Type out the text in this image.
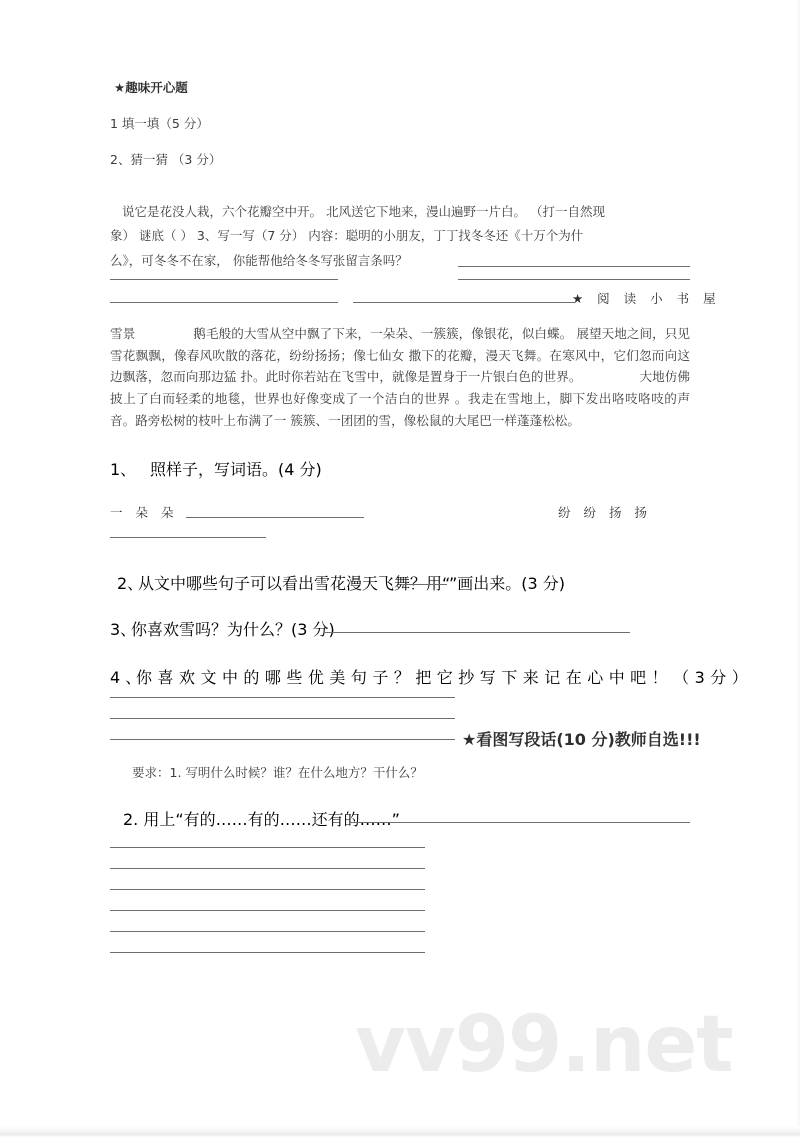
vv99.net
★趣味开心题
1 填一填（5 分）
2、猜一猜 （3 分）
说它是花没人栽，六个花瓣空中开。 北风送它下地来，漫山遍野一片白。 （打一自然现
象） 谜底（ ） 3、写一写（7 分） 内容：聪明的小朋友，丁丁找冬冬还《十万个为什
么》，可冬冬不在家， 你能帮他给冬冬写张留言条吗？
★ 阅 读 小 书 屋
雪景	鹅毛般的大雪从空中飘了下来，一朵朵、一簇簇，像银花，似白蝶。 展望天地之间，只见雪花飘飘，像春风吹散的落花，纷纷扬扬；像七仙女 撒下的花瓣，漫天飞舞。在寒风中，它们忽而向这边飘落，忽而向那边猛 扑。此时你若站在飞雪中，就像是置身于一片银白色的世界。	大地仿佛披上了白而轻柔的地毯，世界也好像变成了一个洁白的世界 。我走在雪地上，脚下发出咯吱咯吱的声音。路旁松树的枝叶上布满了一 簇簇、一团团的雪，像松鼠的大尾巴一样蓬蓬松松。
1、 照样子，写词语。(4 分)
一 朵 朵	纷 纷 扬 扬
2、
从文中哪些句子可以看出雪花漫天飞舞？用“
”画出来。(3 分)
3、
你喜欢雪吗？为什么？(3 分)
4 、
你 喜 欢 文 中 的 哪 些 优 美 句 子 ？ 把 它 抄 写 下 来 记 在 心 中 吧 ！ （ 3 分 ）
★看图写段话(10 分)教师自选!!!
要求：1. 写明什么时候？谁？在什么地方？干什么？
2. 用上“有的……有的……还有的……”
